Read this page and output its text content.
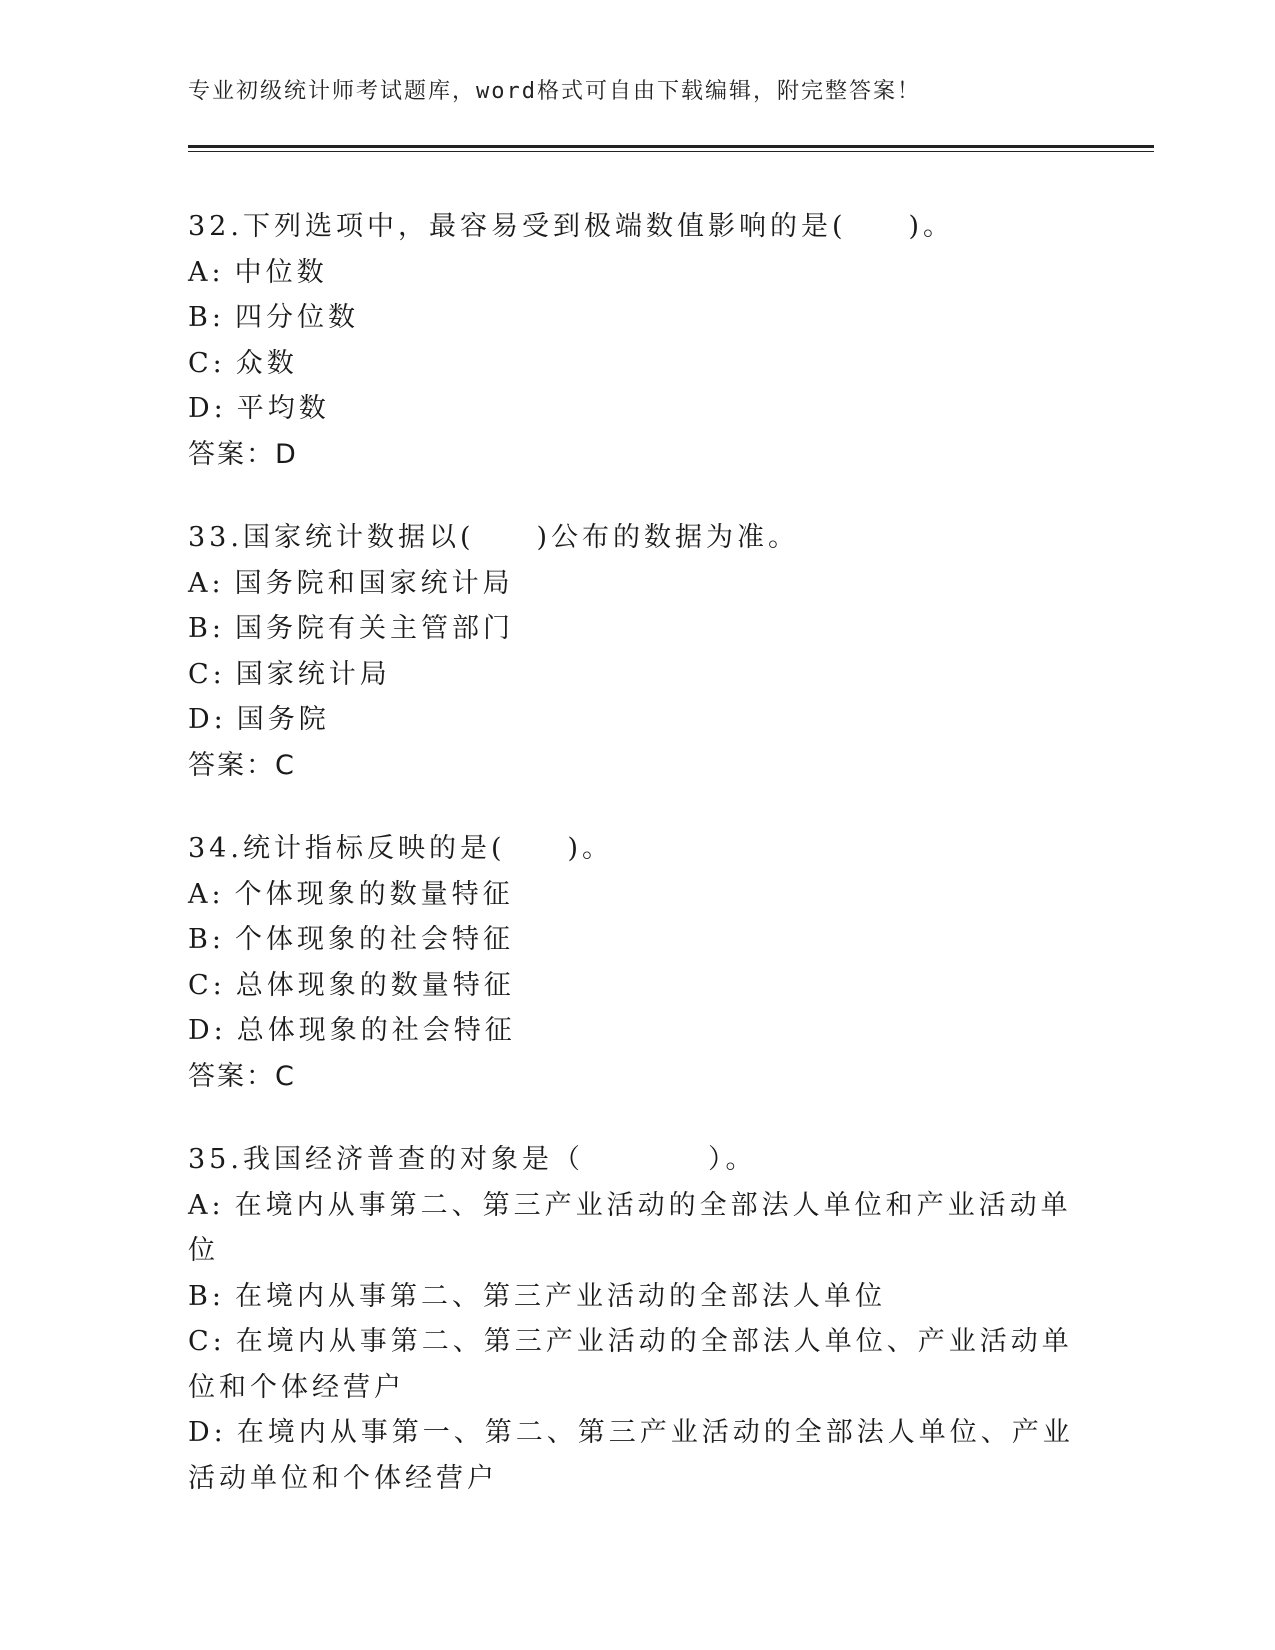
专业初级统计师考试题库，word格式可自由下载编辑，附完整答案！
32.下列选项中，最容易受到极端数值影响的是(　　)。
A: 中位数
B: 四分位数
C: 众数
D: 平均数
答案：D
33.国家统计数据以(　　)公布的数据为准。
A: 国务院和国家统计局
B: 国务院有关主管部门
C: 国家统计局
D: 国务院
答案：C
34.统计指标反映的是(　　)。
A: 个体现象的数量特征
B: 个体现象的社会特征
C: 总体现象的数量特征
D: 总体现象的社会特征
答案：C
35.我国经济普查的对象是（　　　　）。
A: 在境内从事第二、第三产业活动的全部法人单位和产业活动单位
B: 在境内从事第二、第三产业活动的全部法人单位
C: 在境内从事第二、第三产业活动的全部法人单位、产业活动单位和个体经营户
D: 在境内从事第一、第二、第三产业活动的全部法人单位、产业活动单位和个体经营户
